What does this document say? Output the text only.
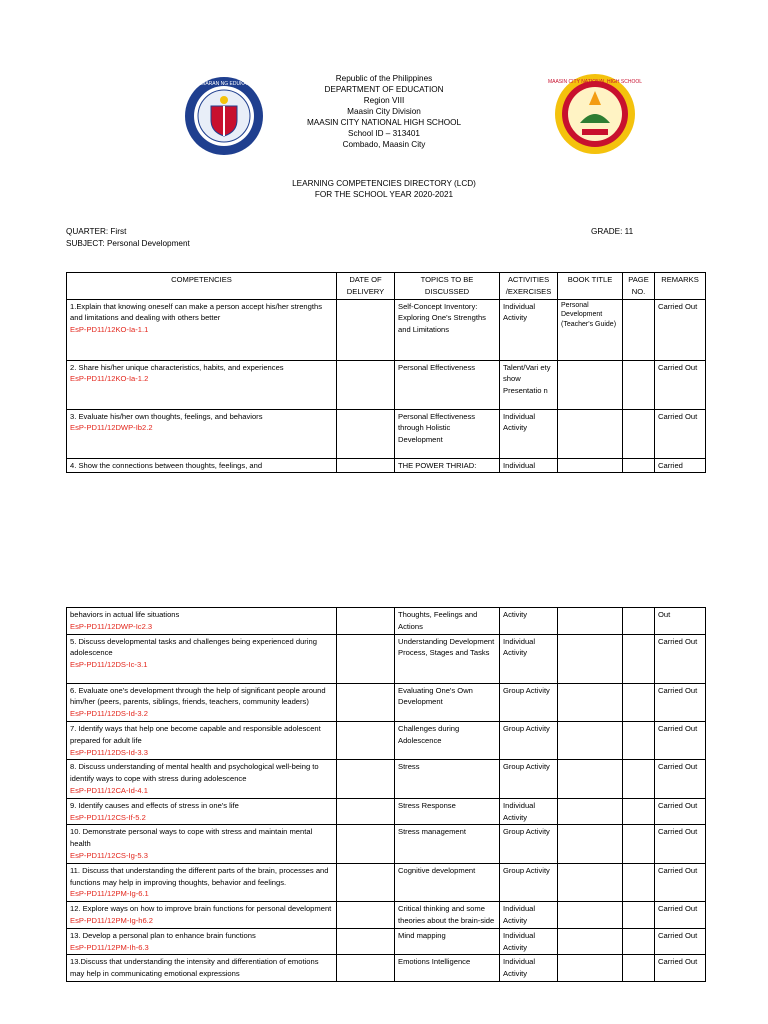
KAGAWARAN NG EDUKASYON	MAASIN CITY NATIONAL HIGH SCHOOL
Republic of the Philippines
DEPARTMENT OF EDUCATION
Region VIII
Maasin City Division
MAASIN CITY NATIONAL HIGH SCHOOL
School ID – 313401
Combado, Maasin City
LEARNING COMPETENCIES DIRECTORY (LCD)
FOR THE SCHOOL YEAR 2020-2021
QUARTER: First
SUBJECT: Personal Development
GRADE: 11
COMPETENCIES	DATE OF DELIVERY	TOPICS TO BE DISCUSSED	ACTIVITIES /EXERCISES	BOOK TITLE	PAGE NO.	REMARKS

1.Explain that knowing oneself can make a person accept his/her strengths and limitations and dealing with others better
EsP-PD11/12KO-Ia-1.1		Self-Concept Inventory: Exploring One's Strengths and Limitations	Individual Activity	Personal Development (Teacher's Guide)		Carried Out

2. Share his/her unique characteristics, habits, and experiences
EsP-PD11/12KO-Ia-1.2		Personal Effectiveness	Talent/Vari ety show Presentatio n			Carried Out

3. Evaluate his/her own thoughts, feelings, and behaviors
EsP-PD11/12DWP-Ib2.2		Personal Effectiveness through Holistic Development	Individual Activity			Carried Out

4. Show the connections between thoughts, feelings, and		THE POWER THRIAD:	Individual			Carried
behaviors in actual life situations
EsP-PD11/12DWP-Ic2.3		Thoughts, Feelings and Actions	Activity			Out

5. Discuss developmental tasks and challenges being experienced during adolescence
EsP-PD11/12DS-Ic-3.1		Understanding Development Process, Stages and Tasks	Individual Activity			Carried Out

6. Evaluate one's development through the help of significant people around him/her (peers, parents, siblings, friends, teachers, community leaders)
EsP-PD11/12DS-Id-3.2		Evaluating One's Own Development	Group Activity			Carried Out

7. Identify ways that help one become capable and responsible adolescent prepared for adult life
EsP-PD11/12DS-Id-3.3		Challenges during Adolescence	Group Activity			Carried Out

8. Discuss understanding of mental health and psychological well-being to identify ways to cope with stress during adolescence
EsP-PD11/12CA-Id-4.1		Stress	Group Activity			Carried Out

9. Identify causes and effects of stress in one's life
EsP-PD11/12CS-If-5.2		Stress Response	Individual Activity			Carried Out

10. Demonstrate personal ways to cope with stress and maintain mental health
EsP-PD11/12CS-Ig-5.3		Stress management	Group Activity			Carried Out

11. Discuss that understanding the different parts of the brain, processes and functions may help in improving thoughts, behavior and feelings.
EsP-PD11/12PM-Ig-6.1		Cognitive development	Group Activity			Carried Out

12. Explore ways on how to improve brain functions for personal development
EsP-PD11/12PM-Ig-h6.2		Critical thinking and some theories about the brain-side	Individual Activity			Carried Out

13. Develop a personal plan to enhance brain functions
EsP-PD11/12PM-Ih-6.3		Mind mapping	Individual Activity			Carried Out

13.Discuss that understanding the intensity and differentiation of emotions may help in communicating emotional expressions		Emotions Intelligence	Individual Activity			Carried Out
